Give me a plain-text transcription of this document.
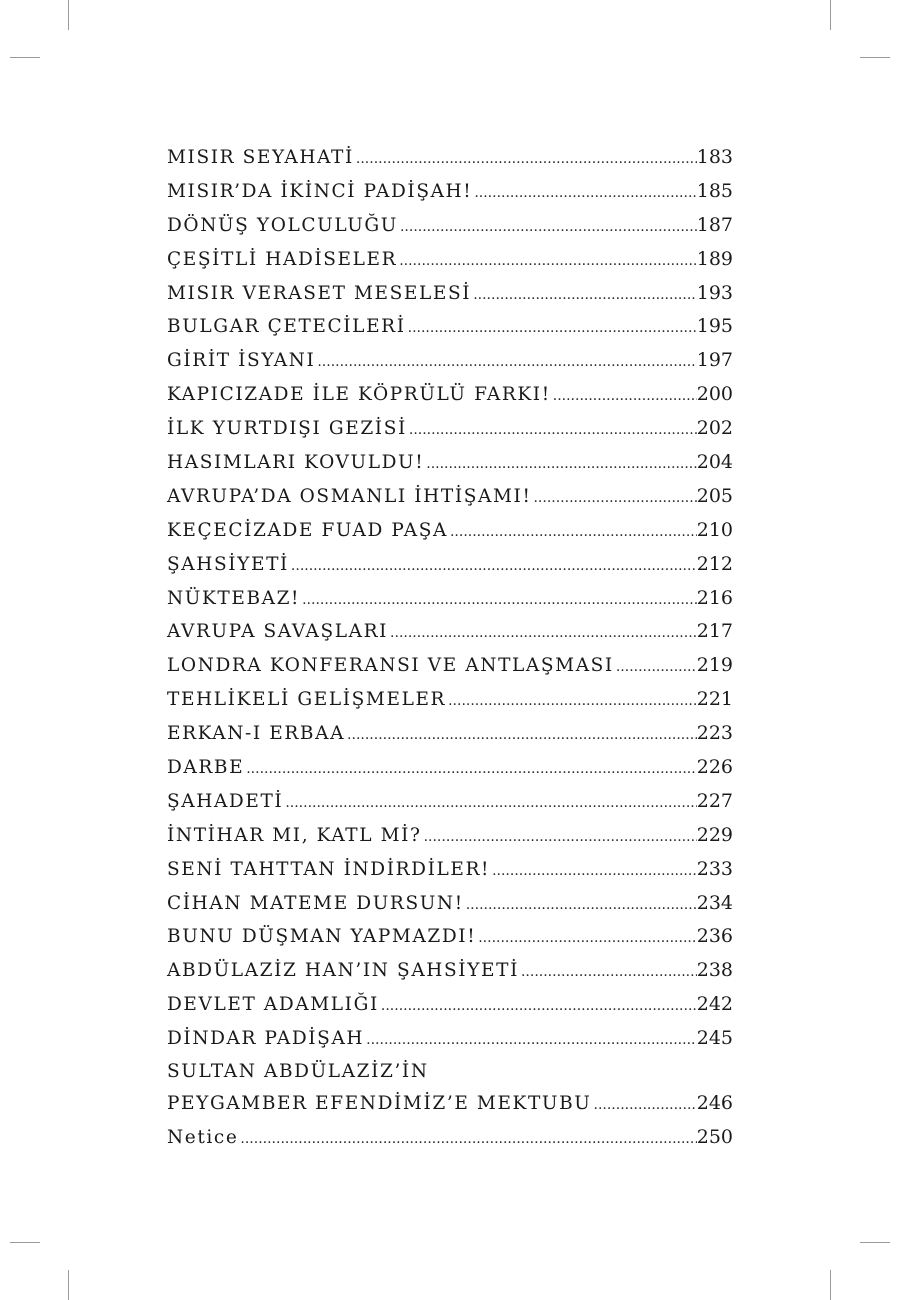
MISIR SEYAHATİ .....	183
MISIR’DA İKİNCİ PADİŞAH! .....	185
DÖNÜŞ YOLCULUĞU .....	187
ÇEŞİTLİ HADİSELER .....	189
MISIR VERASET MESELESİ .....	193
BULGAR ÇETECİLERİ .....	195
GİRİT İSYANI .....	197
KAPICIZADE İLE KÖPRÜLÜ FARKI! .....	200
İLK YURTDIŞI GEZİSİ .....	202
HASIMLARI KOVULDU! .....	204
AVRUPA’DA OSMANLI İHTİŞAMI! .....	205
KEÇECİZADE FUAD PAŞA .....	210
ŞAHSİYETİ .....	212
NÜKTEBAZ! .....	216
AVRUPA SAVAŞLARI .....	217
LONDRA KONFERANSI VE ANTLAŞMASI .....	219
TEHLİKELİ GELİŞMELER .....	221
ERKAN-I ERBAA .....	223
DARBE .....	226
ŞAHADETİ .....	227
İNTİHAR MI, KATL Mİ? .....	229
SENİ TAHTTAN İNDİRDİLER! .....	233
CİHAN MATEME DURSUN! .....	234
BUNU DÜŞMAN YAPMAZDI! .....	236
ABDÜLAZİZ HAN’IN ŞAHSİYETİ .....	238
DEVLET ADAMLIĞI .....	242
DİNDAR PADİŞAH .....	245
SULTAN ABDÜLAZİZ’İN
PEYGAMBER EFENDİMİZ’E MEKTUBU .....	246
Netice .....	250
